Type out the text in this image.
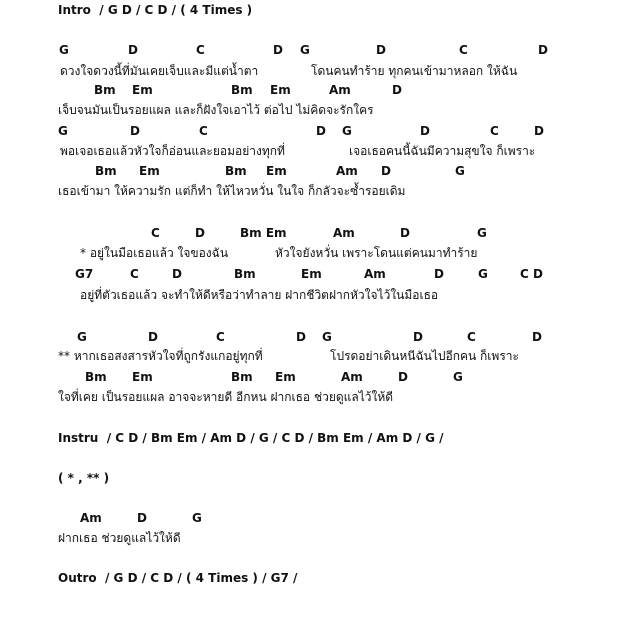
Intro  / G D / C D / ( 4 Times )

G

	D

	C

	D

G

	D

	C

	D

ดวงใจดวงนี้ที่มันเคยเจ็บและมีแต่น้ำตา

	โดนคนทำร้าย ทุกคนเข้ามาหลอก ให้ฉัน

Bm

Em

	Bm

Em

	Am

	D

เจ็บจนมันเป็นรอยแผล และก็ฝังใจเอาไว้ ต่อไป ไม่คิดจะรักใคร

G

	D

	C

	D

G

	D

	C

	D

พอเจอเธอแล้วหัวใจก็อ่อนและยอมอย่างทุกที่

	เจอเธอคนนี้ฉันมีความสุขใจ ก็เพราะ

Bm

Em

	Bm

Em

	Am

D

	G

เธอเข้ามา ให้ความรัก แต่ก็ทำ ให้ไหวหวั่น ในใจ ก็กลัวจะซ้ำรอยเดิม

C

	D

	Bm Em

	Am

	D

	G

* อยู่ในมือเธอแล้ว ใจของฉัน

	หัวใจยังหวั่น เพราะโดนแต่คนมาทำร้าย

G7

	C

	D

	Bm

	Em

	Am

	D

	G

	C D

อยู่ที่ตัวเธอแล้ว จะทำให้ดีหรือว่าทำลาย ฝากชีวิตฝากหัวใจไว้ในมือเธอ

G

	D

	C

	D

G

	D

	C

	D

** หากเธอสงสารหัวใจที่ถูกรังแกอยู่ทุกที่

	โปรดอย่าเดินหนีฉันไปอีกคน ก็เพราะ

Bm

Em

	Bm

Em

	Am

	D

	G

ใจที่เคย เป็นรอยแผล อาจจะหายดี อีกหน ฝากเธอ ช่วยดูแลไว้ให้ดี

Instru  / C D / Bm Em / Am D / G / C D / Bm Em / Am D / G /

( * , ** )

Am

	D

	G

ฝากเธอ ช่วยดูแลไว้ให้ดี

Outro  / G D / C D / ( 4 Times ) / G7 /
